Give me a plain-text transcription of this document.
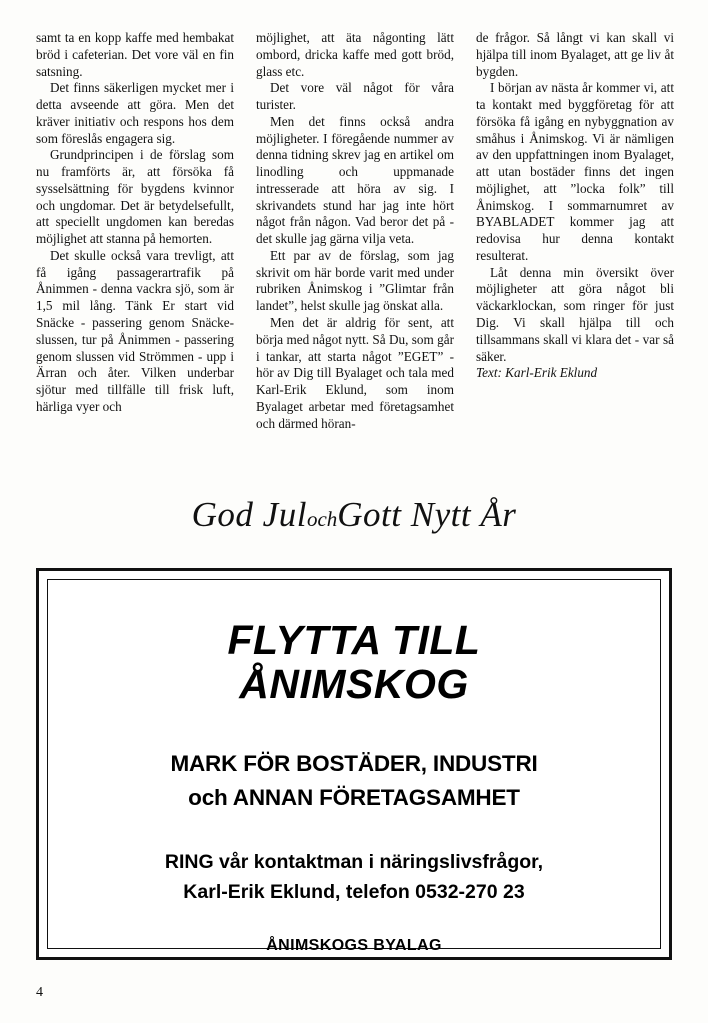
samt ta en kopp kaffe med hembakat bröd i cafeterian. Det vore väl en fin satsning.

Det finns säkerligen mycket mer i detta avseende att göra. Men det kräver initiativ och respons hos dem som föreslås engagera sig.

Grundprincipen i de förslag som nu framförts är, att försöka få sysselsättning för bygdens kvinnor och ungdomar. Det är betydelsefullt, att speciellt ungdomen kan beredas möjlighet att stanna på hemorten.

Det skulle också vara trevligt, att få igång passagerartrafik på Ånimmen - denna vackra sjö, som är 1,5 mil lång. Tänk Er start vid Snäcke - passering genom Snäcke-slussen, tur på Ånimmen - passering genom slussen vid Strömmen - upp i Ärran och åter. Vilken underbar sjötur med tillfälle till frisk luft, härliga vyer och

möjlighet, att äta någonting lätt ombord, dricka kaffe med gott bröd, glass etc.

Det vore väl något för våra turister.

Men det finns också andra möjligheter. I föregående nummer av denna tidning skrev jag en artikel om linodling och uppmanade intresserade att höra av sig. I skrivandets stund har jag inte hört något från någon. Vad beror det på - det skulle jag gärna vilja veta.

Ett par av de förslag, som jag skrivit om här borde varit med under rubriken Ånimskog i ”Glimtar från landet”, helst skulle jag önskat alla.

Men det är aldrig för sent, att börja med något nytt. Så Du, som går i tankar, att starta något ”EGET” - hör av Dig till Byalaget och tala med Karl-Erik Eklund, som inom Byalaget arbetar med företagsamhet och därmed höran-

de frågor. Så långt vi kan skall vi hjälpa till inom Byalaget, att ge liv åt bygden.

I början av nästa år kommer vi, att ta kontakt med byggföretag för att försöka få igång en nybyggnation av småhus i Ånimskog. Vi är nämligen av den uppfattningen inom Byalaget, att utan bostäder finns det ingen möjlighet, att ”locka folk” till Ånimskog. I sommarnumret av BYABLADET kommer jag att redovisa hur denna kontakt resulterat.

Låt denna min översikt över möjligheter att göra något bli väckarklockan, som ringer för just Dig. Vi skall hjälpa till och tillsammans skall vi klara det - var så säker.

Text: Karl-Erik Eklund

God JulochGott Nytt År
FLYTTA TILL
ÅNIMSKOG
MARK FÖR BOSTÄDER, INDUSTRI
och ANNAN FÖRETAGSAMHET
RING vår kontaktman i näringslivsfrågor,
Karl-Erik Eklund, telefon 0532-270 23
ÅNIMSKOGS BYALAG
4
